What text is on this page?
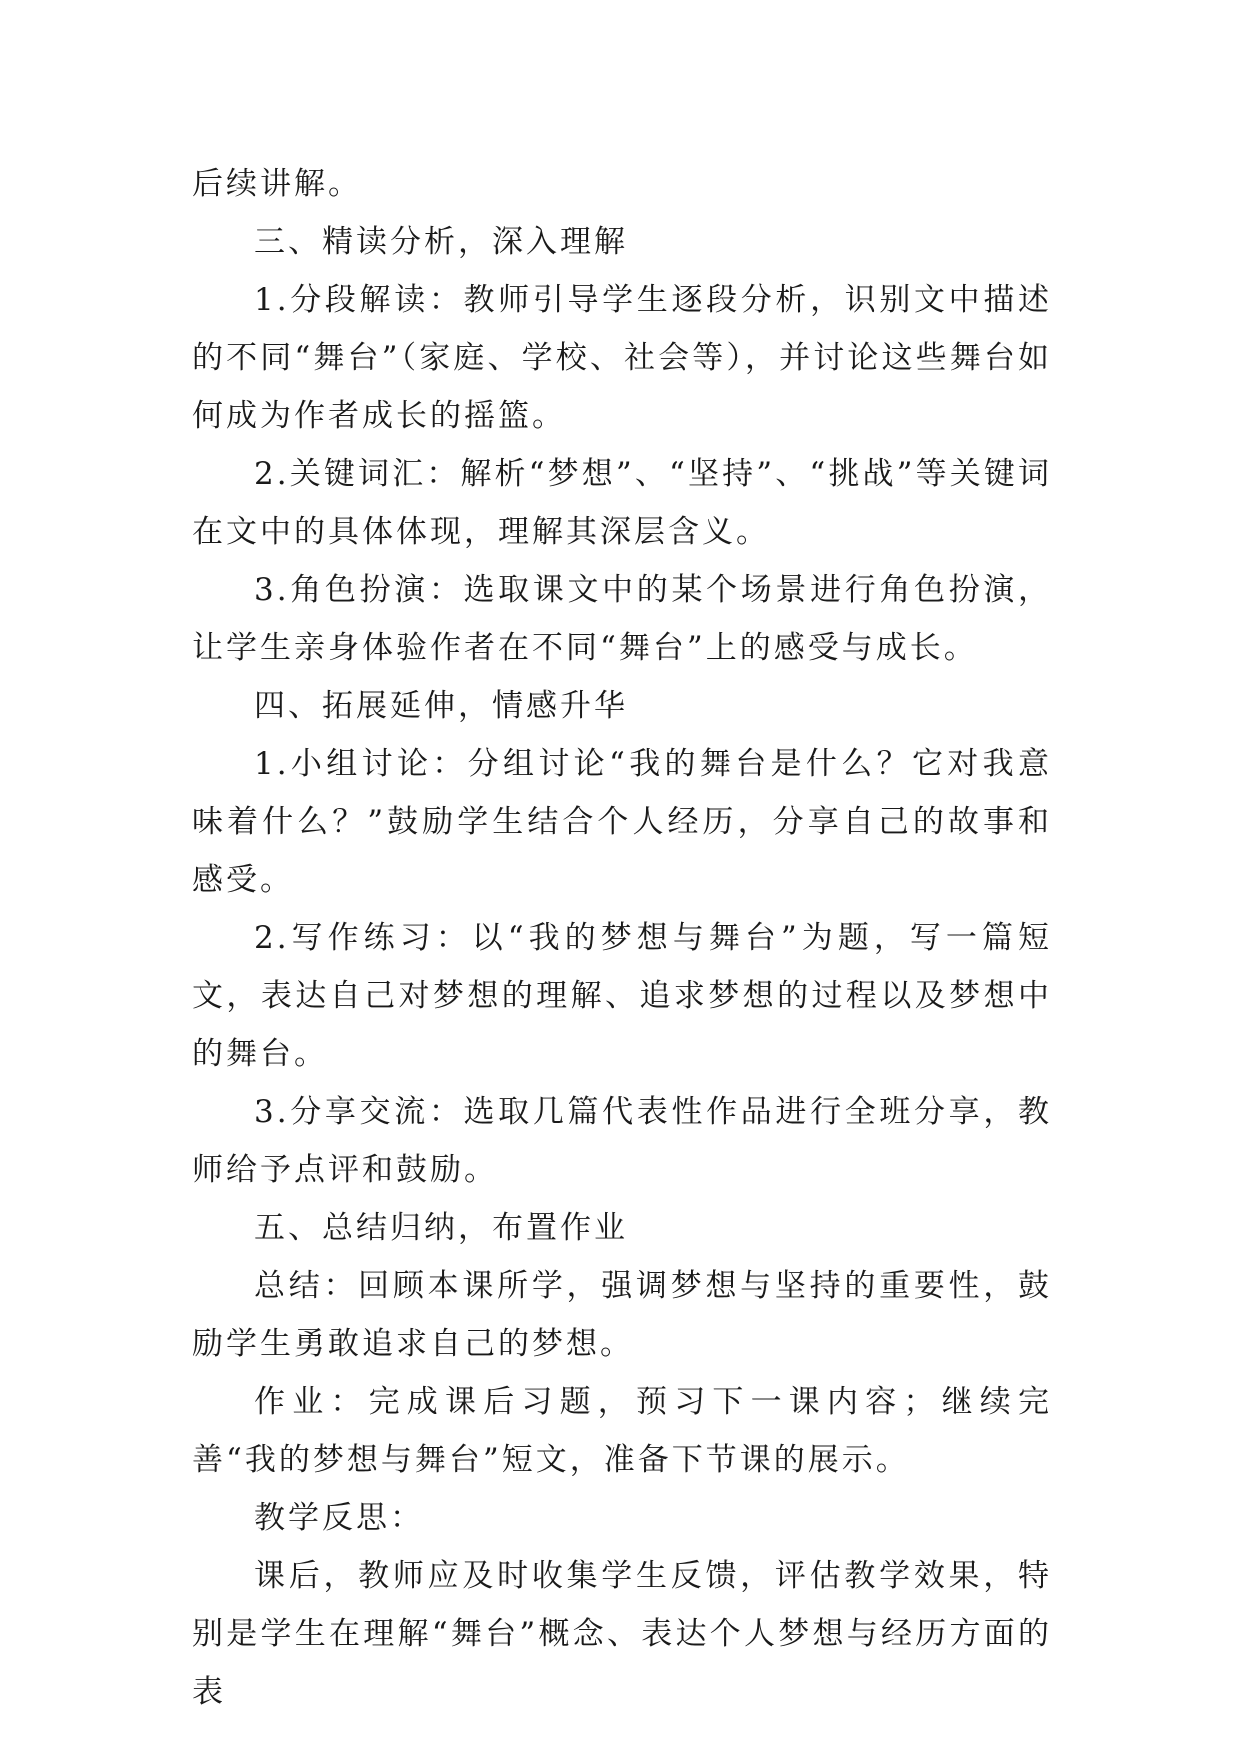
后续讲解。

三、精读分析，深入理解

1.分段解读：教师引导学生逐段分析，识别文中描述的不同“舞台”（家庭、学校、社会等），并讨论这些舞台如何成为作者成长的摇篮。

2.关键词汇：解析“梦想”、“坚持”、“挑战”等关键词在文中的具体体现，理解其深层含义。

3.角色扮演：选取课文中的某个场景进行角色扮演，让学生亲身体验作者在不同“舞台”上的感受与成长。

四、拓展延伸，情感升华

1.小组讨论：分组讨论“我的舞台是什么？它对我意味着什么？”鼓励学生结合个人经历，分享自己的故事和感受。

2.写作练习：以“我的梦想与舞台”为题，写一篇短文，表达自己对梦想的理解、追求梦想的过程以及梦想中的舞台。

3.分享交流：选取几篇代表性作品进行全班分享，教师给予点评和鼓励。

五、总结归纳，布置作业

总结：回顾本课所学，强调梦想与坚持的重要性，鼓励学生勇敢追求自己的梦想。

作业：完成课后习题，预习下一课内容；继续完善“我的梦想与舞台”短文，准备下节课的展示。

教学反思：

课后，教师应及时收集学生反馈，评估教学效果，特别是学生在理解“舞台”概念、表达个人梦想与经历方面的表
